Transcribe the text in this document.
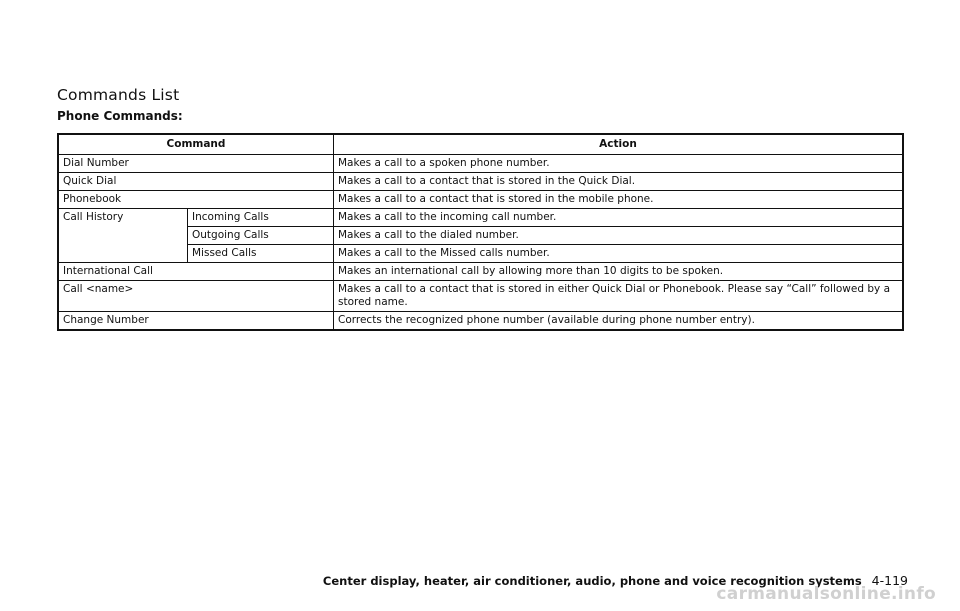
Commands List
Phone Commands:
Command		Action
Dial Number		Makes a call to a spoken phone number.
Quick Dial		Makes a call to a contact that is stored in the Quick Dial.
Phonebook		Makes a call to a contact that is stored in the mobile phone.
Call History	Incoming Calls	Makes a call to the incoming call number.
	Outgoing Calls	Makes a call to the dialed number.
	Missed Calls	Makes a call to the Missed calls number.
International Call		Makes an international call by allowing more than 10 digits to be spoken.
Call <name>		Makes a call to a contact that is stored in either Quick Dial or Phonebook. Please say “Call” followed by a stored name.
Change Number		Corrects the recognized phone number (available during phone number entry).
Center display, heater, air conditioner, audio, phone and voice recognition systems 4-119
carmanualsonline.info
